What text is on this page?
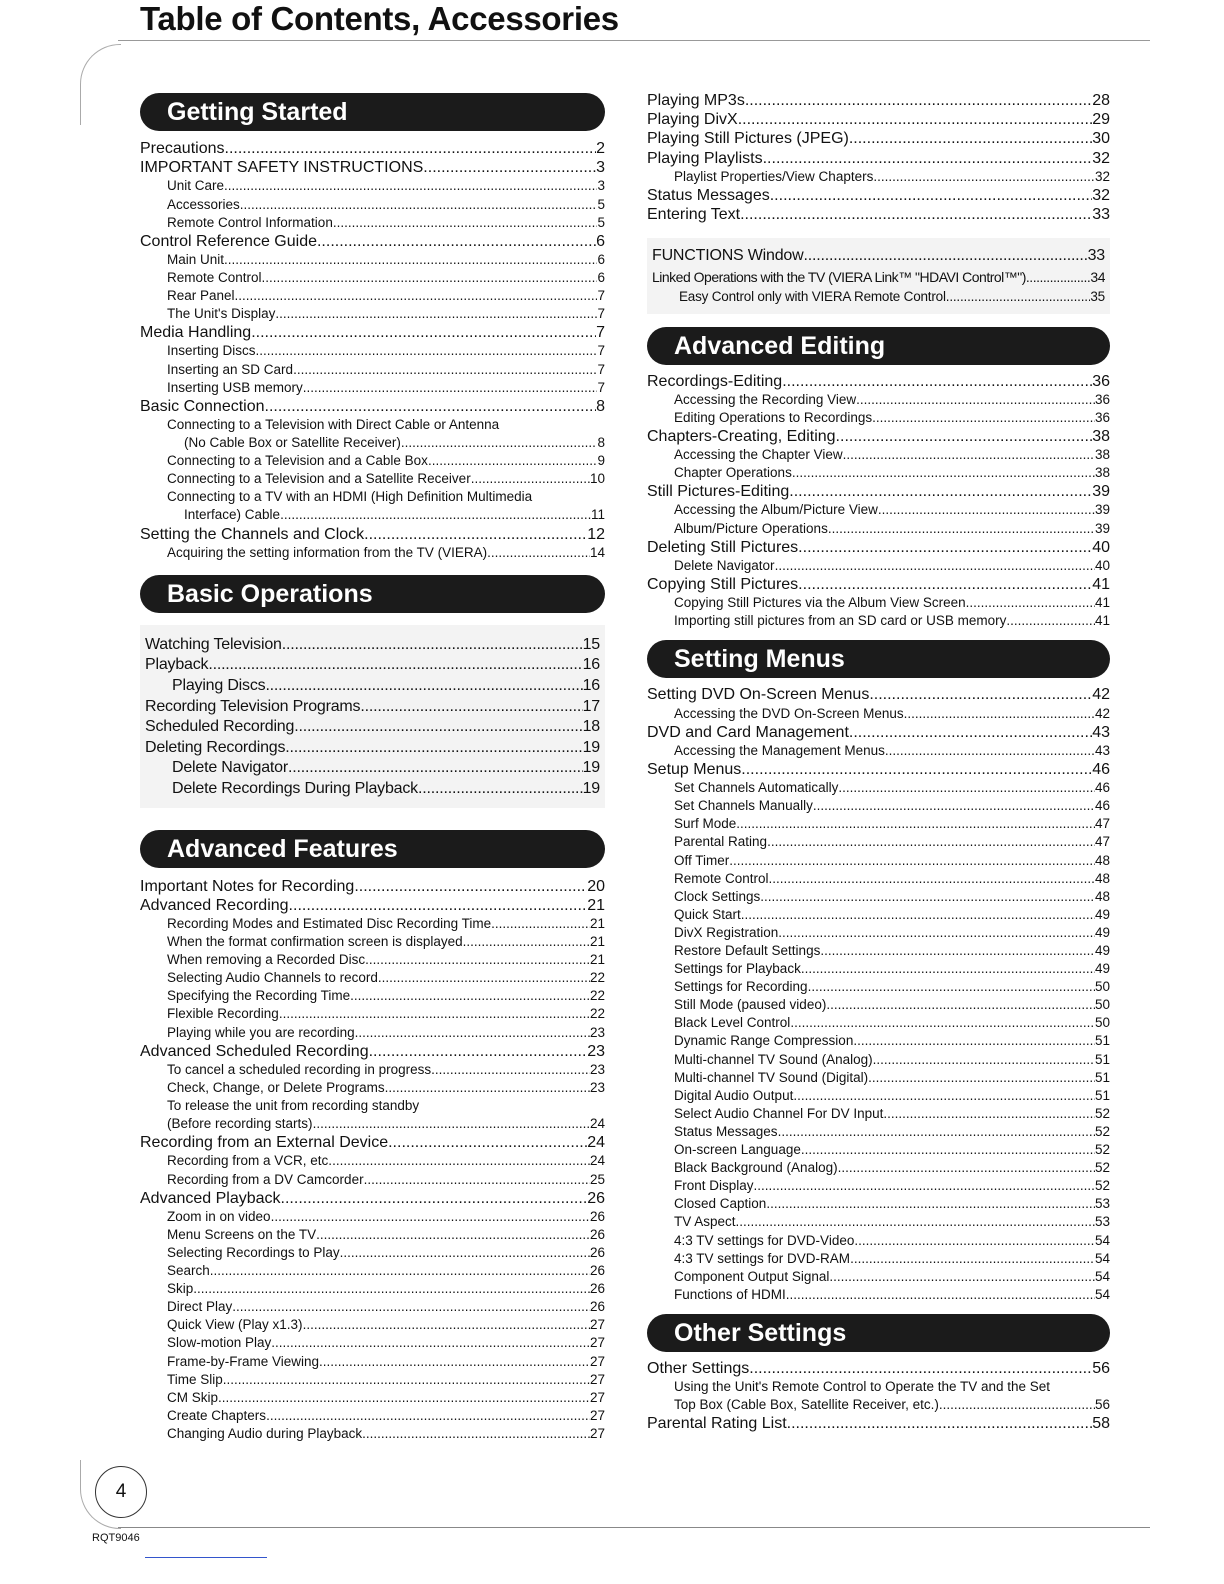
Table of Contents, Accessories
Getting Started
Precautions .....	2
IMPORTANT SAFETY INSTRUCTIONS .....	3
Unit Care .....	3
Accessories .....	5
Remote Control Information .....	5
Control Reference Guide .....	6
Main Unit .....	6
Remote Control .....	6
Rear Panel .....	7
The Unit's Display .....	7
Media Handling .....	7
Inserting Discs .....	7
Inserting an SD Card .....	7
Inserting USB memory .....	7
Basic Connection .....	8
Connecting to a Television with Direct Cable or Antenna
(No Cable Box or Satellite Receiver) .....	8
Connecting to a Television and a Cable Box .....	9
Connecting to a Television and a Satellite Receiver .....	10
Connecting to a TV with an HDMI (High Definition Multimedia
Interface) Cable .....	11
Setting the Channels and Clock .....	12
Acquiring the setting information from the TV (VIERA) .....	14
Basic Operations
Watching Television .....	15
Playback .....	16
Playing Discs .....	16
Recording Television Programs .....	17
Scheduled Recording .....	18
Deleting Recordings .....	19
Delete Navigator .....	19
Delete Recordings During Playback .....	19
Advanced Features
Important Notes for Recording .....	20
Advanced Recording .....	21
Recording Modes and Estimated Disc Recording Time .....	21
When the format confirmation screen is displayed .....	21
When removing a Recorded Disc .....	21
Selecting Audio Channels to record .....	22
Specifying the Recording Time .....	22
Flexible Recording .....	22
Playing while you are recording .....	23
Advanced Scheduled Recording .....	23
To cancel a scheduled recording in progress .....	23
Check, Change, or Delete Programs .....	23
To release the unit from recording standby
(Before recording starts) .....	24
Recording from an External Device .....	24
Recording from a VCR, etc. .....	24
Recording from a DV Camcorder .....	25
Advanced Playback .....	26
Zoom in on video .....	26
Menu Screens on the TV .....	26
Selecting Recordings to Play .....	26
Search .....	26
Skip .....	26
Direct Play .....	26
Quick View (Play x1.3) .....	27
Slow-motion Play .....	27
Frame-by-Frame Viewing .....	27
Time Slip .....	27
CM Skip .....	27
Create Chapters .....	27
Changing Audio during Playback .....	27
Playing MP3s .....	28
Playing DivX .....	29
Playing Still Pictures (JPEG) .....	30
Playing Playlists .....	32
Playlist Properties/View Chapters .....	32
Status Messages .....	32
Entering Text .....	33
FUNCTIONS Window .....	33
Linked Operations with the TV (VIERA Link™ "HDAVI Control™") .....	34
Easy Control only with VIERA Remote Control .....	35
Advanced Editing
Recordings-Editing .....	36
Accessing the Recording View .....	36
Editing Operations to Recordings .....	36
Chapters-Creating, Editing .....	38
Accessing the Chapter View .....	38
Chapter Operations .....	38
Still Pictures-Editing .....	39
Accessing the Album/Picture View .....	39
Album/Picture Operations .....	39
Deleting Still Pictures .....	40
Delete Navigator .....	40
Copying Still Pictures .....	41
Copying Still Pictures via the Album View Screen .....	41
Importing still pictures from an SD card or USB memory .....	41
Setting Menus
Setting DVD On-Screen Menus .....	42
Accessing the DVD On-Screen Menus .....	42
DVD and Card Management .....	43
Accessing the Management Menus .....	43
Setup Menus .....	46
Set Channels Automatically .....	46
Set Channels Manually .....	46
Surf Mode .....	47
Parental Rating .....	47
Off Timer .....	48
Remote Control .....	48
Clock Settings .....	48
Quick Start .....	49
DivX Registration .....	49
Restore Default Settings .....	49
Settings for Playback .....	49
Settings for Recording .....	50
Still Mode (paused video) .....	50
Black Level Control .....	50
Dynamic Range Compression .....	51
Multi-channel TV Sound (Analog) .....	51
Multi-channel TV Sound (Digital) .....	51
Digital Audio Output .....	51
Select Audio Channel For DV Input .....	52
Status Messages .....	52
On-screen Language .....	52
Black Background (Analog) .....	52
Front Display .....	52
Closed Caption .....	53
TV Aspect .....	53
4:3 TV settings for DVD-Video .....	54
4:3 TV settings for DVD-RAM .....	54
Component Output Signal .....	54
Functions of HDMI .....	54
Other Settings
Other Settings .....	56
Using the Unit's Remote Control to Operate the TV and the Set
Top Box (Cable Box, Satellite Receiver, etc.) .....	56
Parental Rating List .....	58
4
RQT9046
